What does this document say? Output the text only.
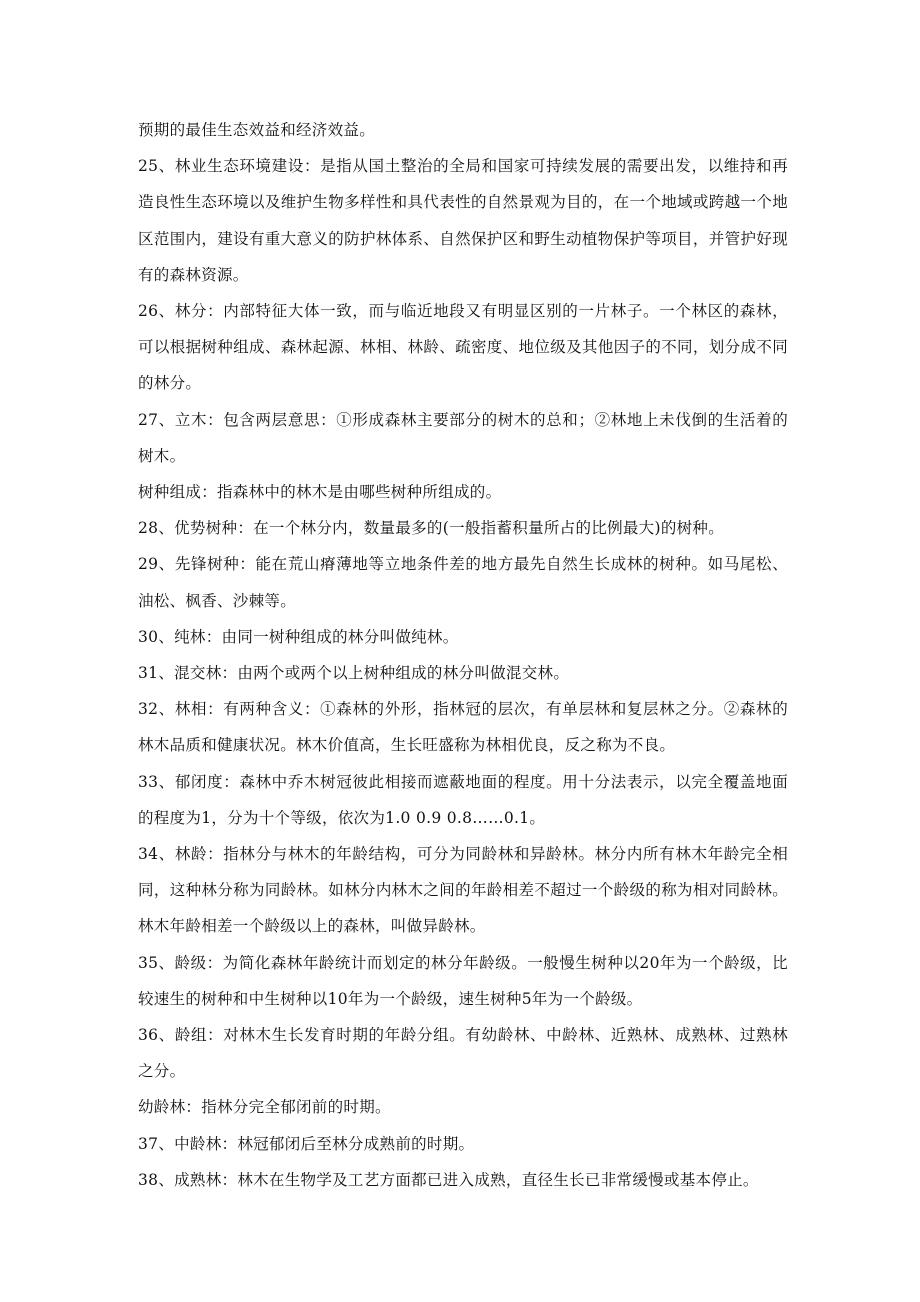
预期的最佳生态效益和经济效益。

25、林业生态环境建设：是指从国土整治的全局和国家可持续发展的需要出发，以维持和再造良性生态环境以及维护生物多样性和具代表性的自然景观为目的，在一个地域或跨越一个地区范围内，建设有重大意义的防护林体系、自然保护区和野生动植物保护等项目，并管护好现有的森林资源。

26、林分：内部特征大体一致，而与临近地段又有明显区别的一片林子。一个林区的森林，可以根据树种组成、森林起源、林相、林龄、疏密度、地位级及其他因子的不同，划分成不同的林分。

27、立木：包含两层意思：①形成森林主要部分的树木的总和；②林地上未伐倒的生活着的树木。

树种组成：指森林中的林木是由哪些树种所组成的。

28、优势树种：在一个林分内，数量最多的(一般指蓄积量所占的比例最大)的树种。

29、先锋树种：能在荒山瘠薄地等立地条件差的地方最先自然生长成林的树种。如马尾松、油松、枫香、沙棘等。

30、纯林：由同一树种组成的林分叫做纯林。

31、混交林：由两个或两个以上树种组成的林分叫做混交林。

32、林相：有两种含义：①森林的外形，指林冠的层次，有单层林和复层林之分。②森林的林木品质和健康状况。林木价值高，生长旺盛称为林相优良，反之称为不良。

33、郁闭度：森林中乔木树冠彼此相接而遮蔽地面的程度。用十分法表示，以完全覆盖地面的程度为1，分为十个等级，依次为1.0 0.9 0.8……0.1。

34、林龄：指林分与林木的年龄结构，可分为同龄林和异龄林。林分内所有林木年龄完全相同，这种林分称为同龄林。如林分内林木之间的年龄相差不超过一个龄级的称为相对同龄林。林木年龄相差一个龄级以上的森林，叫做异龄林。

35、龄级：为简化森林年龄统计而划定的林分年龄级。一般慢生树种以20年为一个龄级，比较速生的树种和中生树种以10年为一个龄级，速生树种5年为一个龄级。

36、龄组：对林木生长发育时期的年龄分组。有幼龄林、中龄林、近熟林、成熟林、过熟林之分。

幼龄林：指林分完全郁闭前的时期。

37、中龄林：林冠郁闭后至林分成熟前的时期。

38、成熟林：林木在生物学及工艺方面都已进入成熟，直径生长已非常缓慢或基本停止。
